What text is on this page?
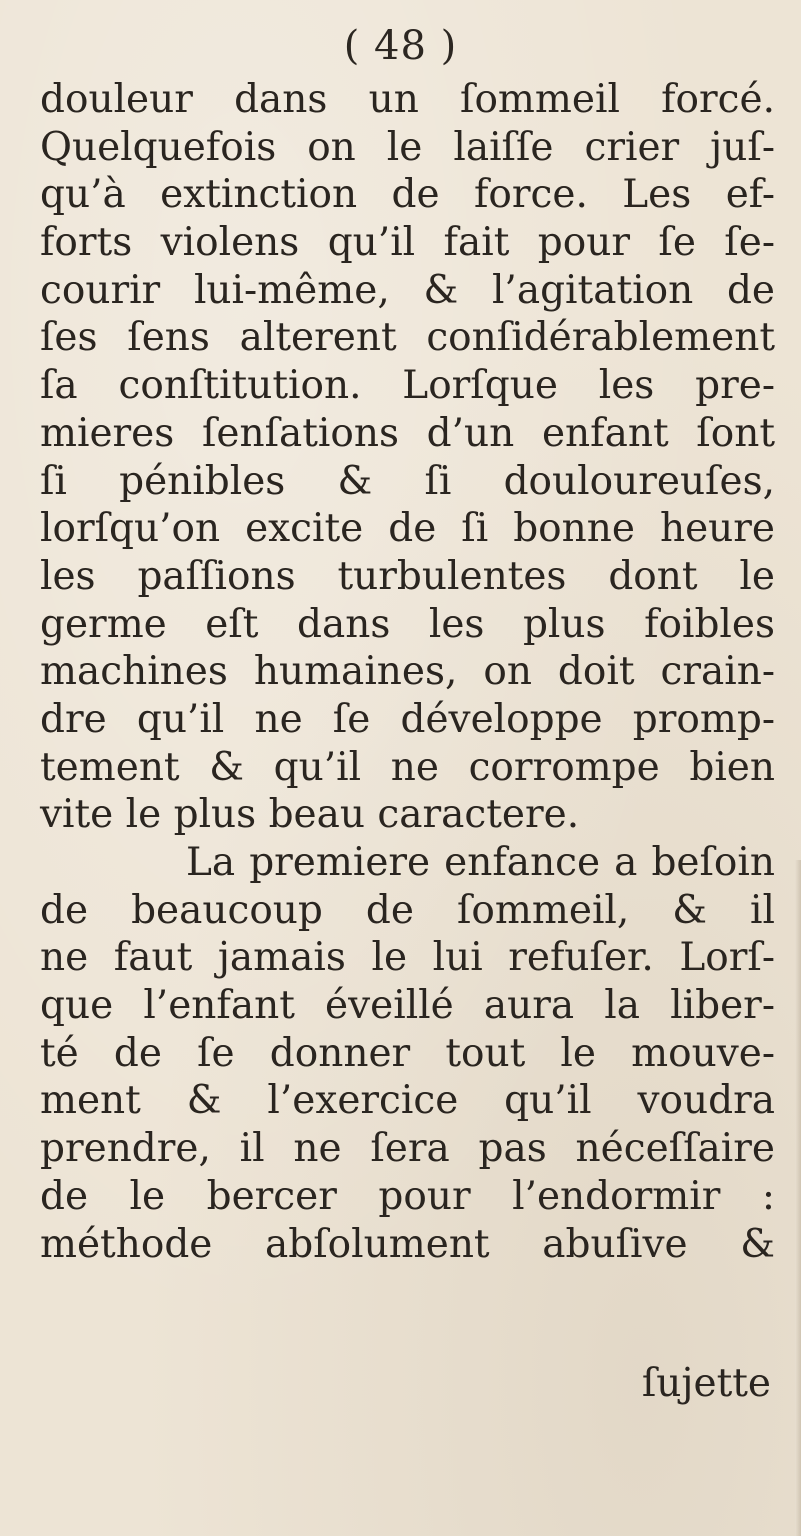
( 48 )
douleur dans un ſommeil forcé.
Quelquefois on le laiſſe crier juſ-
qu’à extinction de force. Les ef-
forts violens qu’il fait pour ſe ſe-
courir lui-même, & l’agitation de
ſes ſens alterent conſidérablement
ſa conſtitution. Lorſque les pre-
mieres ſenſations d’un enfant ſont
ſi pénibles & ſi douloureuſes,
lorſqu’on excite de ſi bonne heure
les paſſions turbulentes dont le
germe eſt dans les plus foibles
machines humaines, on doit crain-
dre qu’il ne ſe développe promp-
tement & qu’il ne corrompe bien
vite le plus beau caractere.
La premiere enfance a beſoin
de beaucoup de ſommeil, & il
ne faut jamais le lui refuſer. Lorſ-
que l’enfant éveillé aura la liber-
té de ſe donner tout le mouve-
ment & l’exercice qu’il voudra
prendre, il ne ſera pas néceſſaire
de le bercer pour l’endormir :
méthode abſolument abuſive &
ſujette
